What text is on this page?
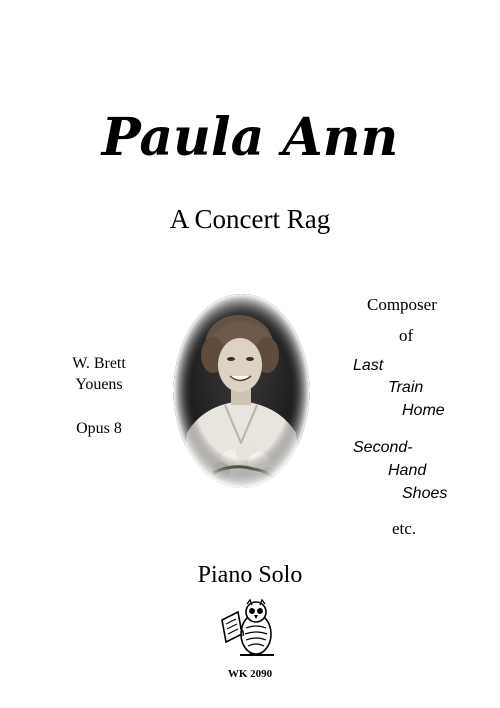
Paula Ann
A Concert Rag
W. Brett
Youens
Opus 8
Composer
of
Last
Train
Home
Second-
Hand
Shoes
etc.
Piano Solo
WK 2090
